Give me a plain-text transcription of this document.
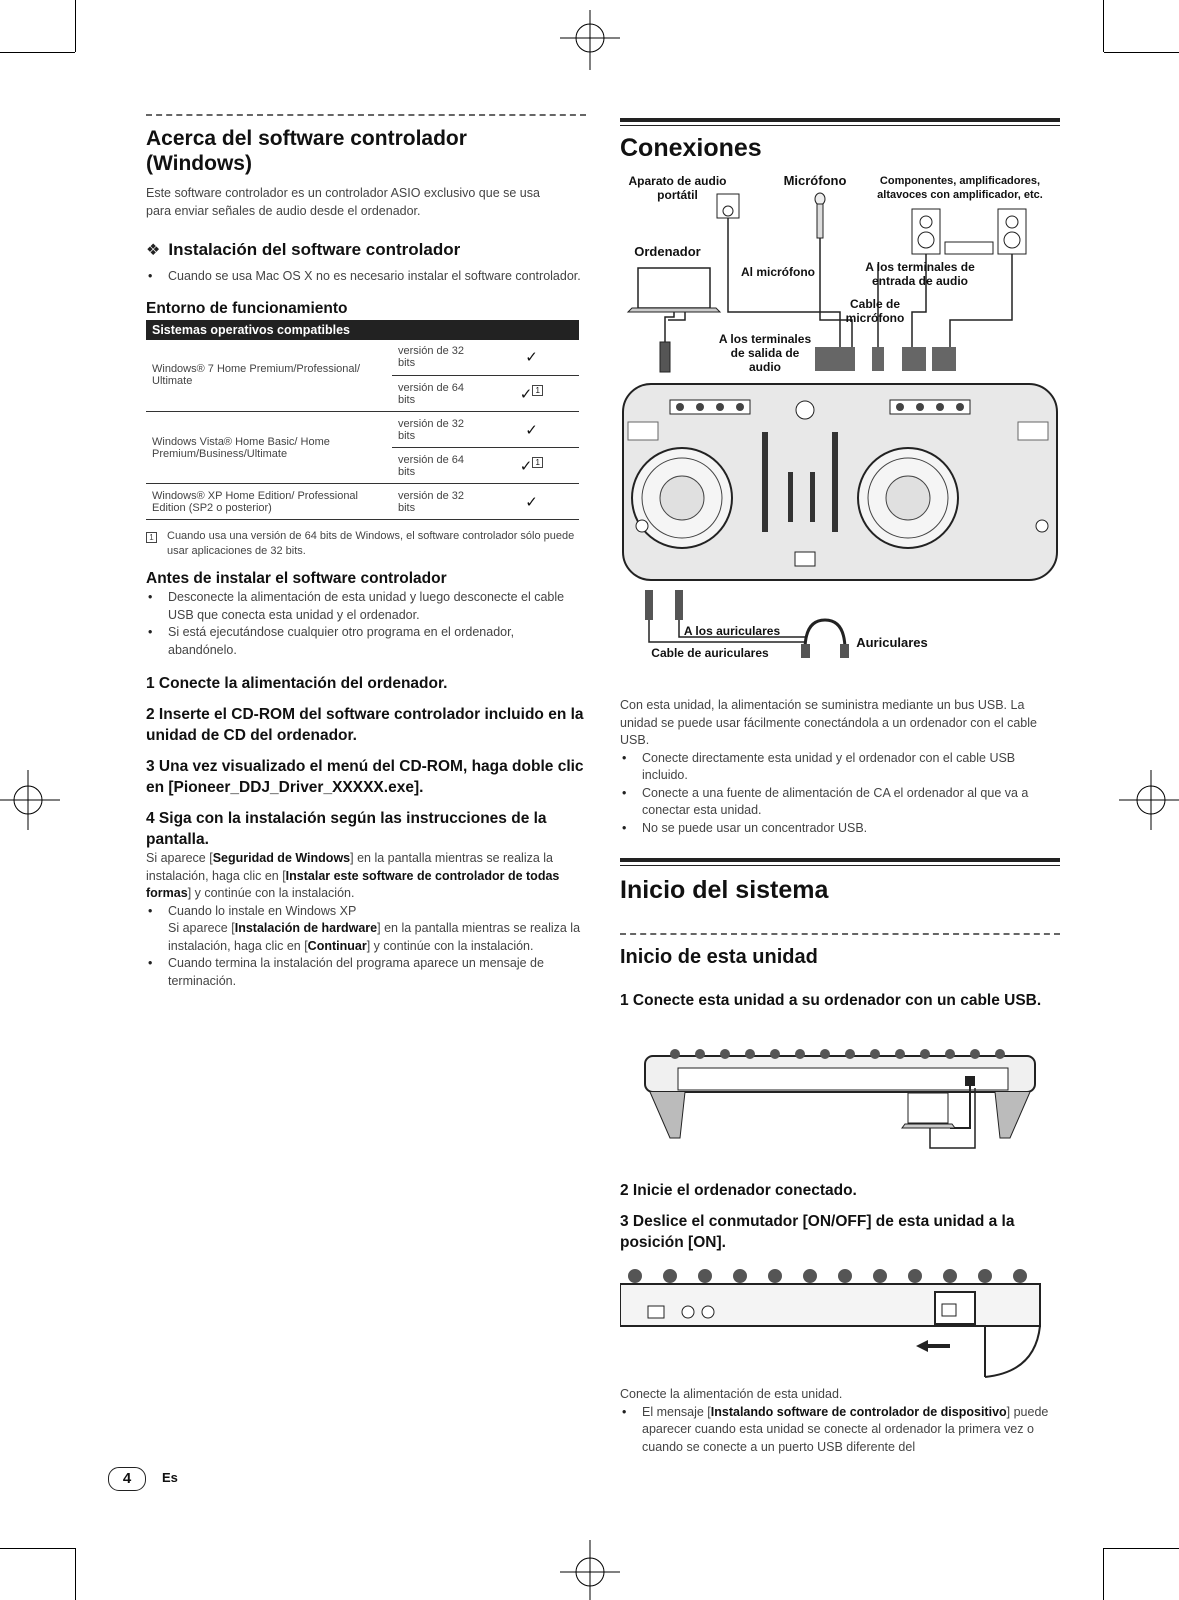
Acerca del software controlador
(Windows)

Este software controlador es un controlador ASIO exclusivo que se usa

para enviar señales de audio desde el ordenador.

❖ Instalación del software controlador
• Cuando se usa Mac OS X no es necesario instalar el software controlador.

Entorno de funcionamiento

Sistemas operativos compatibles		
Windows® 7 Home Premium/Professional/ Ultimate	versión de 32 bits	✓
	versión de 64 bits	✓ 1
Windows Vista® Home Basic/ Home Premium/Business/Ultimate	versión de 32 bits	✓
	versión de 64 bits	✓ 1
Windows® XP Home Edition/ Professional Edition (SP2 o posterior)	versión de 32 bits	✓
1 Cuando usa una versión de 64 bits de Windows, el software controlador sólo puede usar aplicaciones de 32 bits.

Antes de instalar el software controlador

• Desconecte la alimentación de esta unidad y luego desconecte el cable USB que conecta esta unidad y el ordenador.
• Si está ejecutándose cualquier otro programa en el ordenador, abandónelo.

1 Conecte la alimentación del ordenador.

2 Inserte el CD-ROM del software controlador incluido en la unidad de CD del ordenador.

3 Una vez visualizado el menú del CD-ROM, haga doble clic en [Pioneer_DDJ_Driver_XXXXX.exe].

4 Siga con la instalación según las instrucciones de la pantalla.

Si aparece [Seguridad de Windows] en la pantalla mientras se realiza la instalación, haga clic en [Instalar este software de controlador de todas formas] y continúe con la instalación.

• Cuando lo instale en Windows XP
Si aparece [Instalación de hardware] en la pantalla mientras se realiza la instalación, haga clic en [Continuar] y continúe con la instalación.
• Cuando termina la instalación del programa aparece un mensaje de terminación.
Conexiones
Aparato de audio portátil
Micrófono	Componentes, amplificadores, altavoces con amplificador, etc.
Ordenador
Al micrófono	A los terminales de entrada de audio
Cable de micrófono
A los terminales de salida de audio
A los auriculares
Auriculares
Cable de auriculares

Con esta unidad, la alimentación se suministra mediante un bus USB. La unidad se puede usar fácilmente conectándola a un ordenador con el cable USB.

• Conecte directamente esta unidad y el ordenador con el cable USB incluido.
• Conecte a una fuente de alimentación de CA el ordenador al que va a conectar esta unidad.
• No se puede usar un concentrador USB.
Inicio del sistema
Inicio de esta unidad

1 Conecte esta unidad a su ordenador con un cable USB.

2 Inicie el ordenador conectado.

3 Deslice el conmutador [ON/OFF] de esta unidad a la posición [ON].

Conecte la alimentación de esta unidad.

• El mensaje [Instalando software de controlador de dispositivo] puede aparecer cuando esta unidad se conecte al ordenador la primera vez o cuando se conecte a un puerto USB diferente del
4	Es
